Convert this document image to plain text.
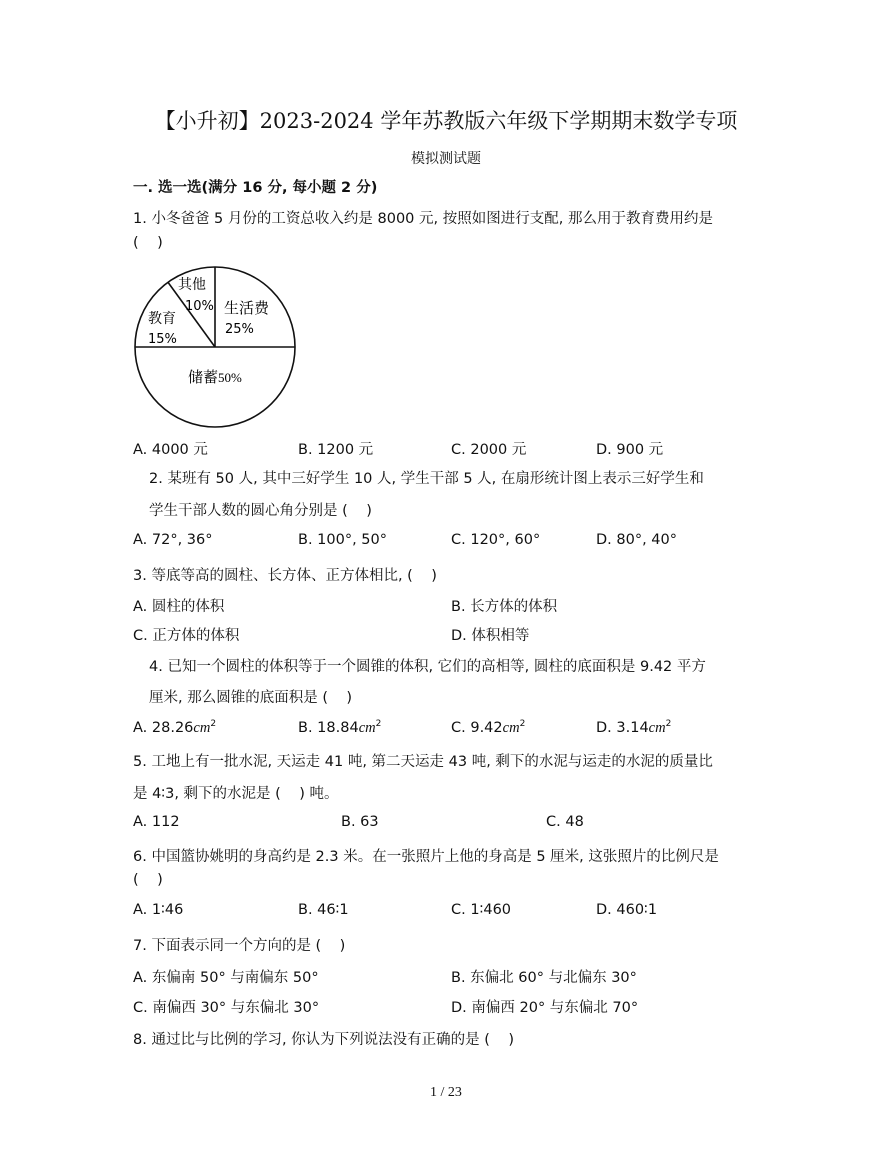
【小升初】2023-2024 学年苏教版六年级下学期期末数学专项
模拟测试题
一. 选一选(满分 16 分, 每小题 2 分)
1. 小冬爸爸 5 月份的工资总收入约是 8000 元, 按照如图进行支配, 那么用于教育费用约是
(    )
其他
10% 生活费
25%
教育
15%
储蓄50%
A. 4000 元	B. 1200 元	C. 2000 元	D. 900 元
2. 某班有 50 人, 其中三好学生 10 人, 学生干部 5 人, 在扇形统计图上表示三好学生和
学生干部人数的圆心角分别是 (    )
A. 72°, 36°	B. 100°, 50°	C. 120°, 60°	D. 80°, 40°
3. 等底等高的圆柱、长方体、正方体相比, (    )
A. 圆柱的体积	B. 长方体的体积
C. 正方体的体积	D. 体积相等
4. 已知一个圆柱的体积等于一个圆锥的体积, 它们的高相等, 圆柱的底面积是 9.42 平方
厘米, 那么圆锥的底面积是 (    )
A. $28.26cm^2$	B. $18.84cm^2$	C. $9.42cm^2$	D. $3.14cm^2$
5. 工地上有一批水泥, 天运走 41 吨, 第二天运走 43 吨, 剩下的水泥与运走的水泥的质量比
是 4∶3, 剩下的水泥是 (    ) 吨。
A. 112	B. 63	C. 48
6. 中国篮协姚明的身高约是 2.3 米。在一张照片上他的身高是 5 厘米, 这张照片的比例尺是
(    )
A. 1∶46	B. 46∶1	C. 1∶460	D. 460∶1
7. 下面表示同一个方向的是 (    )
A. 东偏南 50° 与南偏东 50°	B. 东偏北 60° 与北偏东 30°
C. 南偏西 30° 与东偏北 30°	D. 南偏西 20° 与东偏北 70°
8. 通过比与比例的学习, 你认为下列说法没有正确的是 (    )
1 / 23
